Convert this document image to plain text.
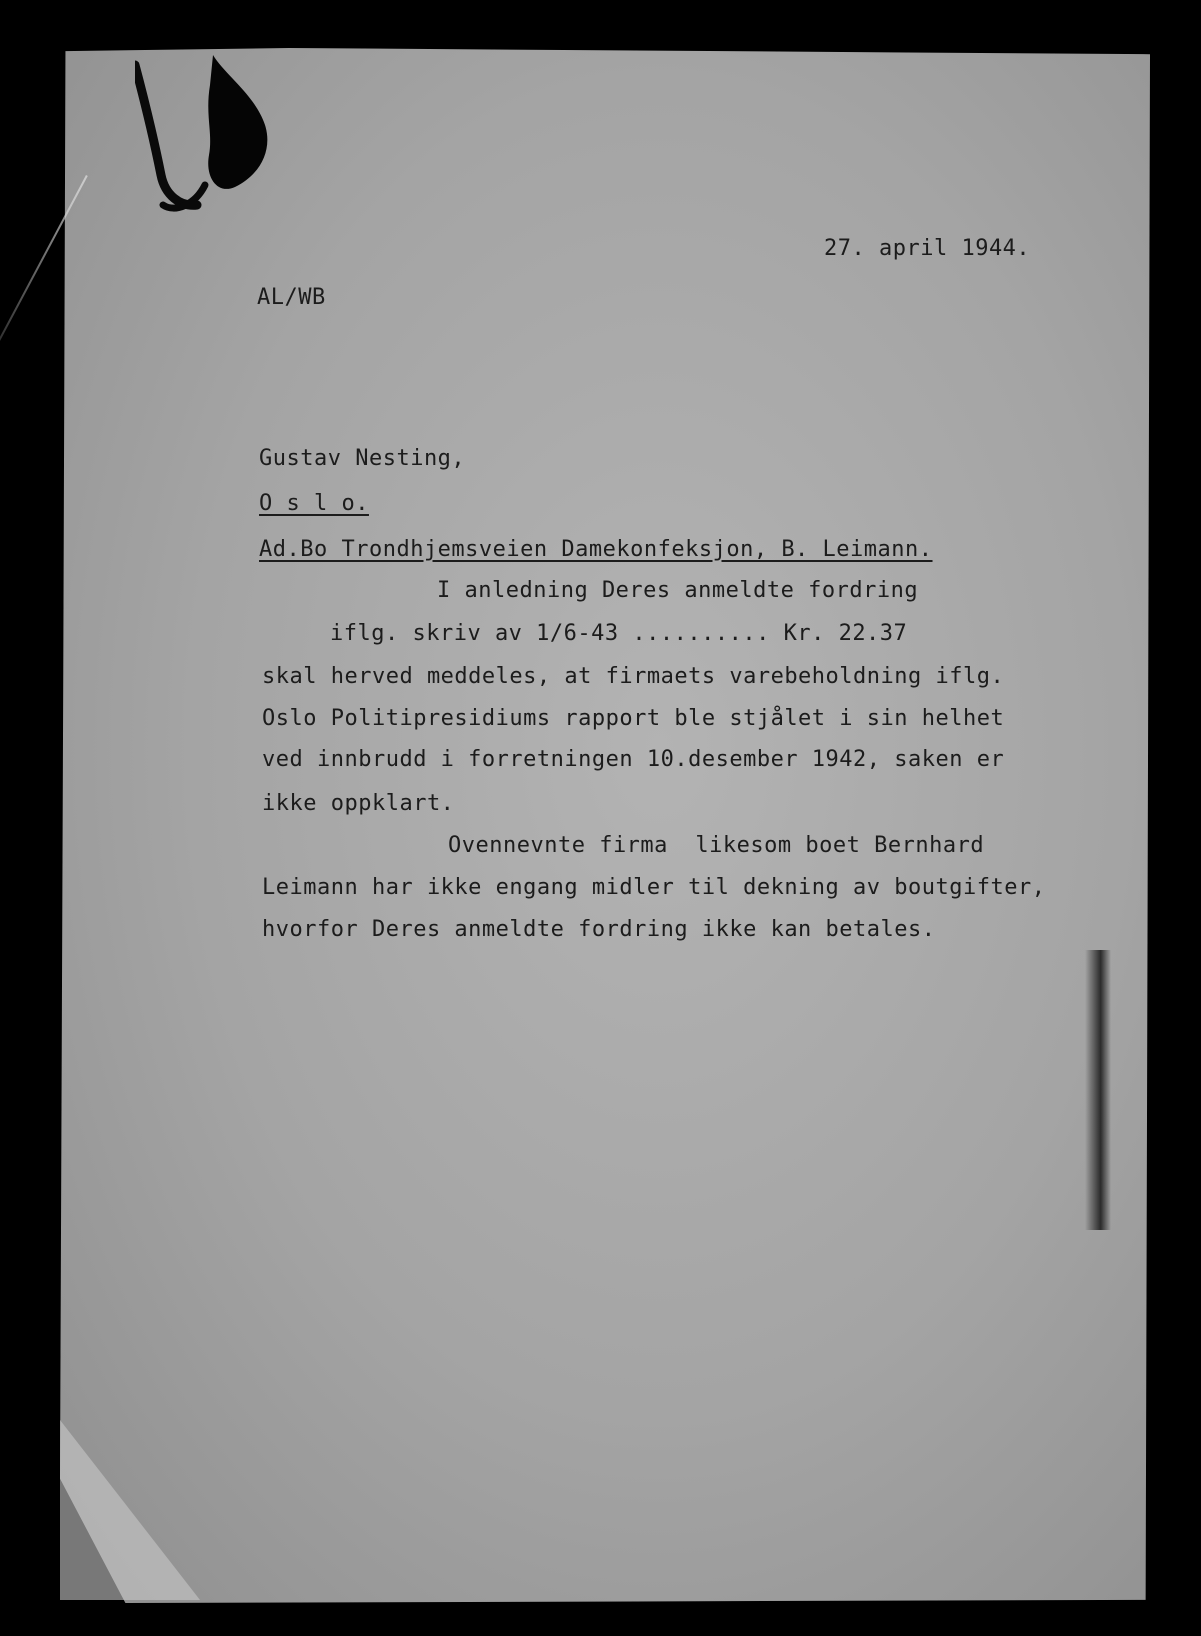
27. april 1944.
AL/WB
Gustav Nesting,
O s l o.
Ad.Bo Trondhjemsveien Damekonfeksjon, B. Leimann.
I anledning Deres anmeldte fordring
iflg. skriv av 1/6-43 .......... Kr. 22.37
skal herved meddeles, at firmaets varebeholdning iflg.
Oslo Politipresidiums rapport ble stjålet i sin helhet
ved innbrudd i forretningen 10.desember 1942, saken er
ikke oppklart.
Ovennevnte firma  likesom boet Bernhard
Leimann har ikke engang midler til dekning av boutgifter,
hvorfor Deres anmeldte fordring ikke kan betales.
